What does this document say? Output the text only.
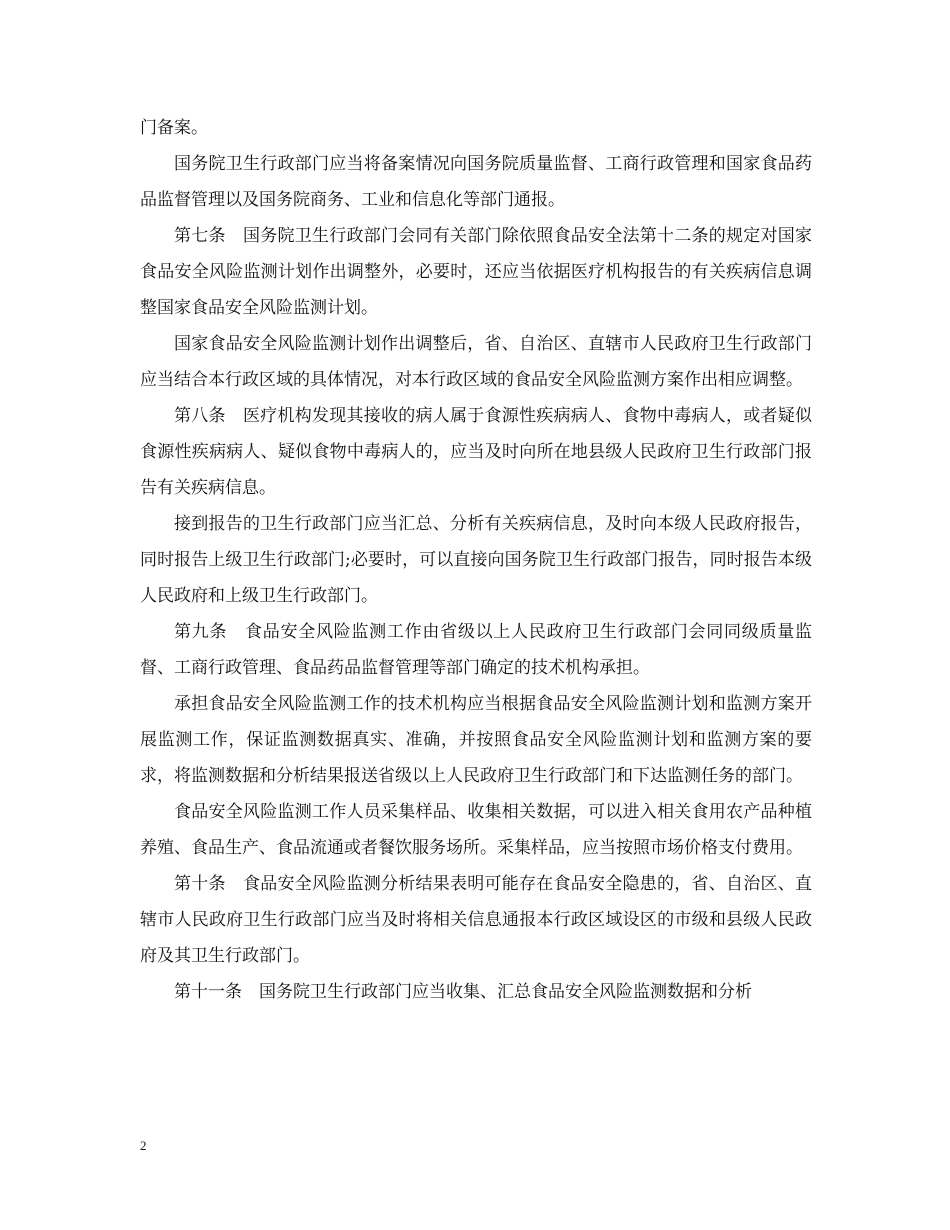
门备案。

国务院卫生行政部门应当将备案情况向国务院质量监督、工商行政管理和国家食品药品监督管理以及国务院商务、工业和信息化等部门通报。

第七条　国务院卫生行政部门会同有关部门除依照食品安全法第十二条的规定对国家食品安全风险监测计划作出调整外，必要时，还应当依据医疗机构报告的有关疾病信息调整国家食品安全风险监测计划。

国家食品安全风险监测计划作出调整后，省、自治区、直辖市人民政府卫生行政部门应当结合本行政区域的具体情况，对本行政区域的食品安全风险监测方案作出相应调整。

第八条　医疗机构发现其接收的病人属于食源性疾病病人、食物中毒病人，或者疑似食源性疾病病人、疑似食物中毒病人的，应当及时向所在地县级人民政府卫生行政部门报告有关疾病信息。

接到报告的卫生行政部门应当汇总、分析有关疾病信息，及时向本级人民政府报告，同时报告上级卫生行政部门;必要时，可以直接向国务院卫生行政部门报告，同时报告本级人民政府和上级卫生行政部门。

第九条　食品安全风险监测工作由省级以上人民政府卫生行政部门会同同级质量监督、工商行政管理、食品药品监督管理等部门确定的技术机构承担。

承担食品安全风险监测工作的技术机构应当根据食品安全风险监测计划和监测方案开展监测工作，保证监测数据真实、准确，并按照食品安全风险监测计划和监测方案的要求，将监测数据和分析结果报送省级以上人民政府卫生行政部门和下达监测任务的部门。

食品安全风险监测工作人员采集样品、收集相关数据，可以进入相关食用农产品种植养殖、食品生产、食品流通或者餐饮服务场所。采集样品，应当按照市场价格支付费用。

第十条　食品安全风险监测分析结果表明可能存在食品安全隐患的，省、自治区、直辖市人民政府卫生行政部门应当及时将相关信息通报本行政区域设区的市级和县级人民政府及其卫生行政部门。

第十一条　国务院卫生行政部门应当收集、汇总食品安全风险监测数据和分析

2
